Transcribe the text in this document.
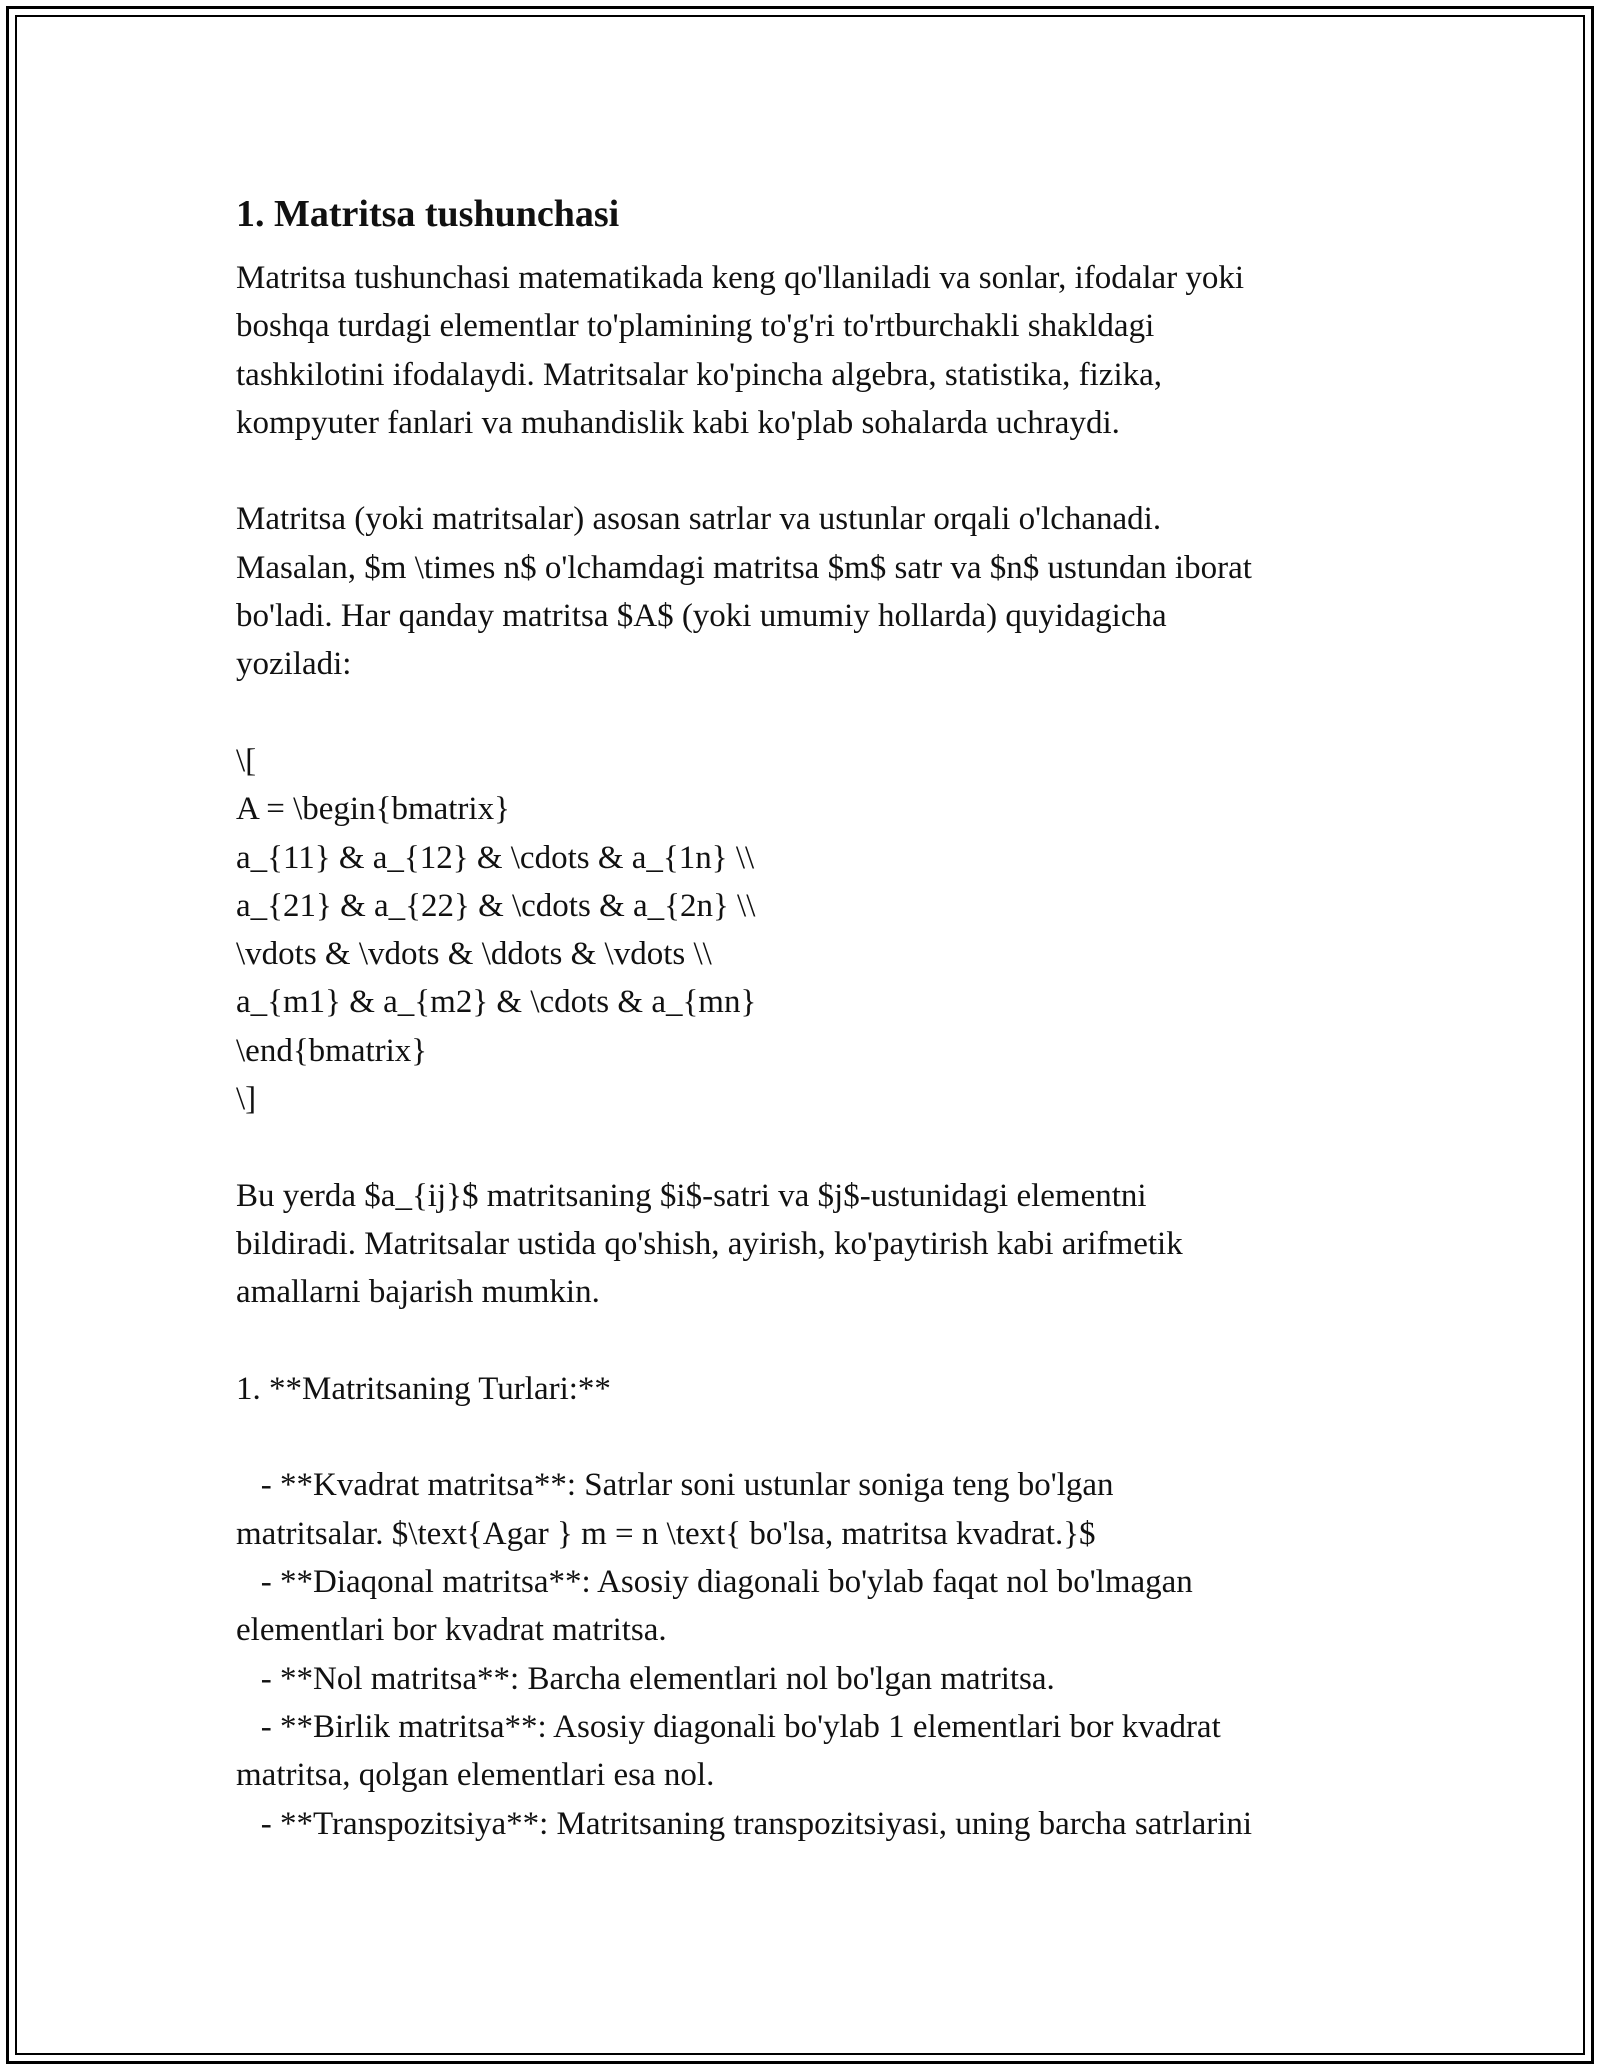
1. Matritsa tushunchasi
Matritsa tushunchasi matematikada keng qo'llaniladi va sonlar, ifodalar yoki
boshqa turdagi elementlar to'plamining to'g'ri to'rtburchakli shakldagi
tashkilotini ifodalaydi. Matritsalar ko'pincha algebra, statistika, fizika,
kompyuter fanlari va muhandislik kabi ko'plab sohalarda uchraydi.
Matritsa (yoki matritsalar) asosan satrlar va ustunlar orqali o'lchanadi.
Masalan, $m \times n$ o'lchamdagi matritsa $m$ satr va $n$ ustundan iborat
bo'ladi. Har qanday matritsa $A$ (yoki umumiy hollarda) quyidagicha
yoziladi:
\[
A = \begin{bmatrix}
a_{11} & a_{12} & \cdots & a_{1n} \\
a_{21} & a_{22} & \cdots & a_{2n} \\
\vdots & \vdots & \ddots & \vdots \\
a_{m1} & a_{m2} & \cdots & a_{mn}
\end{bmatrix}
\]
Bu yerda $a_{ij}$ matritsaning $i$-satri va $j$-ustunidagi elementni
bildiradi. Matritsalar ustida qo'shish, ayirish, ko'paytirish kabi arifmetik
amallarni bajarish mumkin.
1. **Matritsaning Turlari:**
- **Kvadrat matritsa**: Satrlar soni ustunlar soniga teng bo'lgan
matritsalar. $\text{Agar } m = n \text{ bo'lsa, matritsa kvadrat.}$
- **Diaqonal matritsa**: Asosiy diagonali bo'ylab faqat nol bo'lmagan
elementlari bor kvadrat matritsa.
- **Nol matritsa**: Barcha elementlari nol bo'lgan matritsa.
- **Birlik matritsa**: Asosiy diagonali bo'ylab 1 elementlari bor kvadrat
matritsa, qolgan elementlari esa nol.
- **Transpozitsiya**: Matritsaning transpozitsiyasi, uning barcha satrlarini
